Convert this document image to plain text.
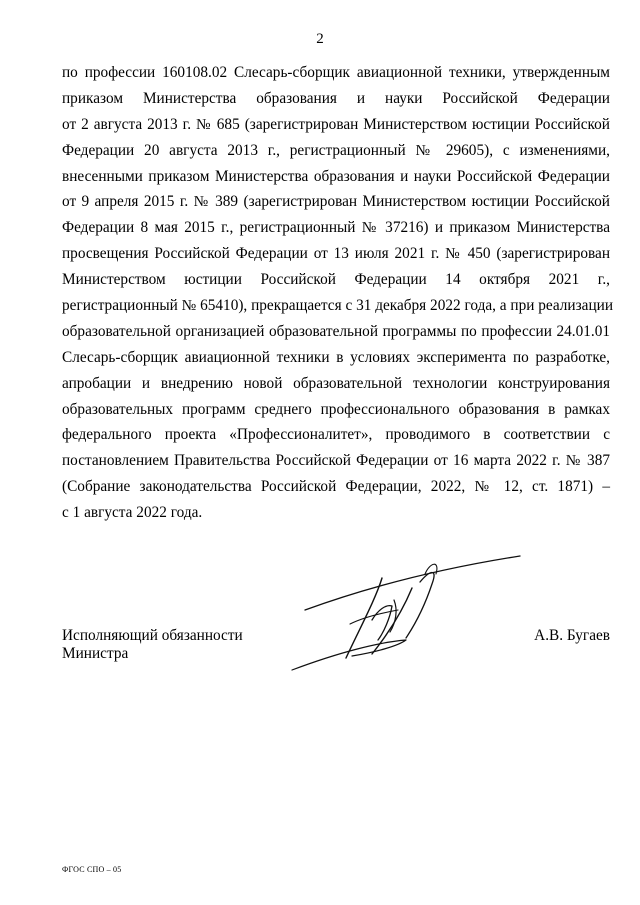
2
по профессии 160108.02 Слесарь-сборщик авиационной техники, утвержденным
приказом Министерства образования и науки Российской Федерации
от 2 августа 2013 г. № 685 (зарегистрирован Министерством юстиции Российской
Федерации 20 августа 2013 г., регистрационный № 29605), с изменениями,
внесенными приказом Министерства образования и науки Российской Федерации
от 9 апреля 2015 г. № 389 (зарегистрирован Министерством юстиции Российской
Федерации 8 мая 2015 г., регистрационный № 37216) и приказом Министерства
просвещения Российской Федерации от 13 июля 2021 г. № 450 (зарегистрирован
Министерством юстиции Российской Федерации 14 октября 2021 г.,
регистрационный № 65410), прекращается с 31 декабря 2022 года, а при реализации
образовательной организацией образовательной программы по профессии 24.01.01
Слесарь-сборщик авиационной техники в условиях эксперимента по разработке,
апробации и внедрению новой образовательной технологии конструирования
образовательных программ среднего профессионального образования в рамках
федерального проекта «Профессионалитет», проводимого в соответствии с
постановлением Правительства Российской Федерации от 16 марта 2022 г. № 387
(Собрание законодательства Российской Федерации, 2022, № 12, ст. 1871) –
с 1 августа 2022 года.
Исполняющий обязанности
Министра
А.В. Бугаев
ФГОС СПО – 05
